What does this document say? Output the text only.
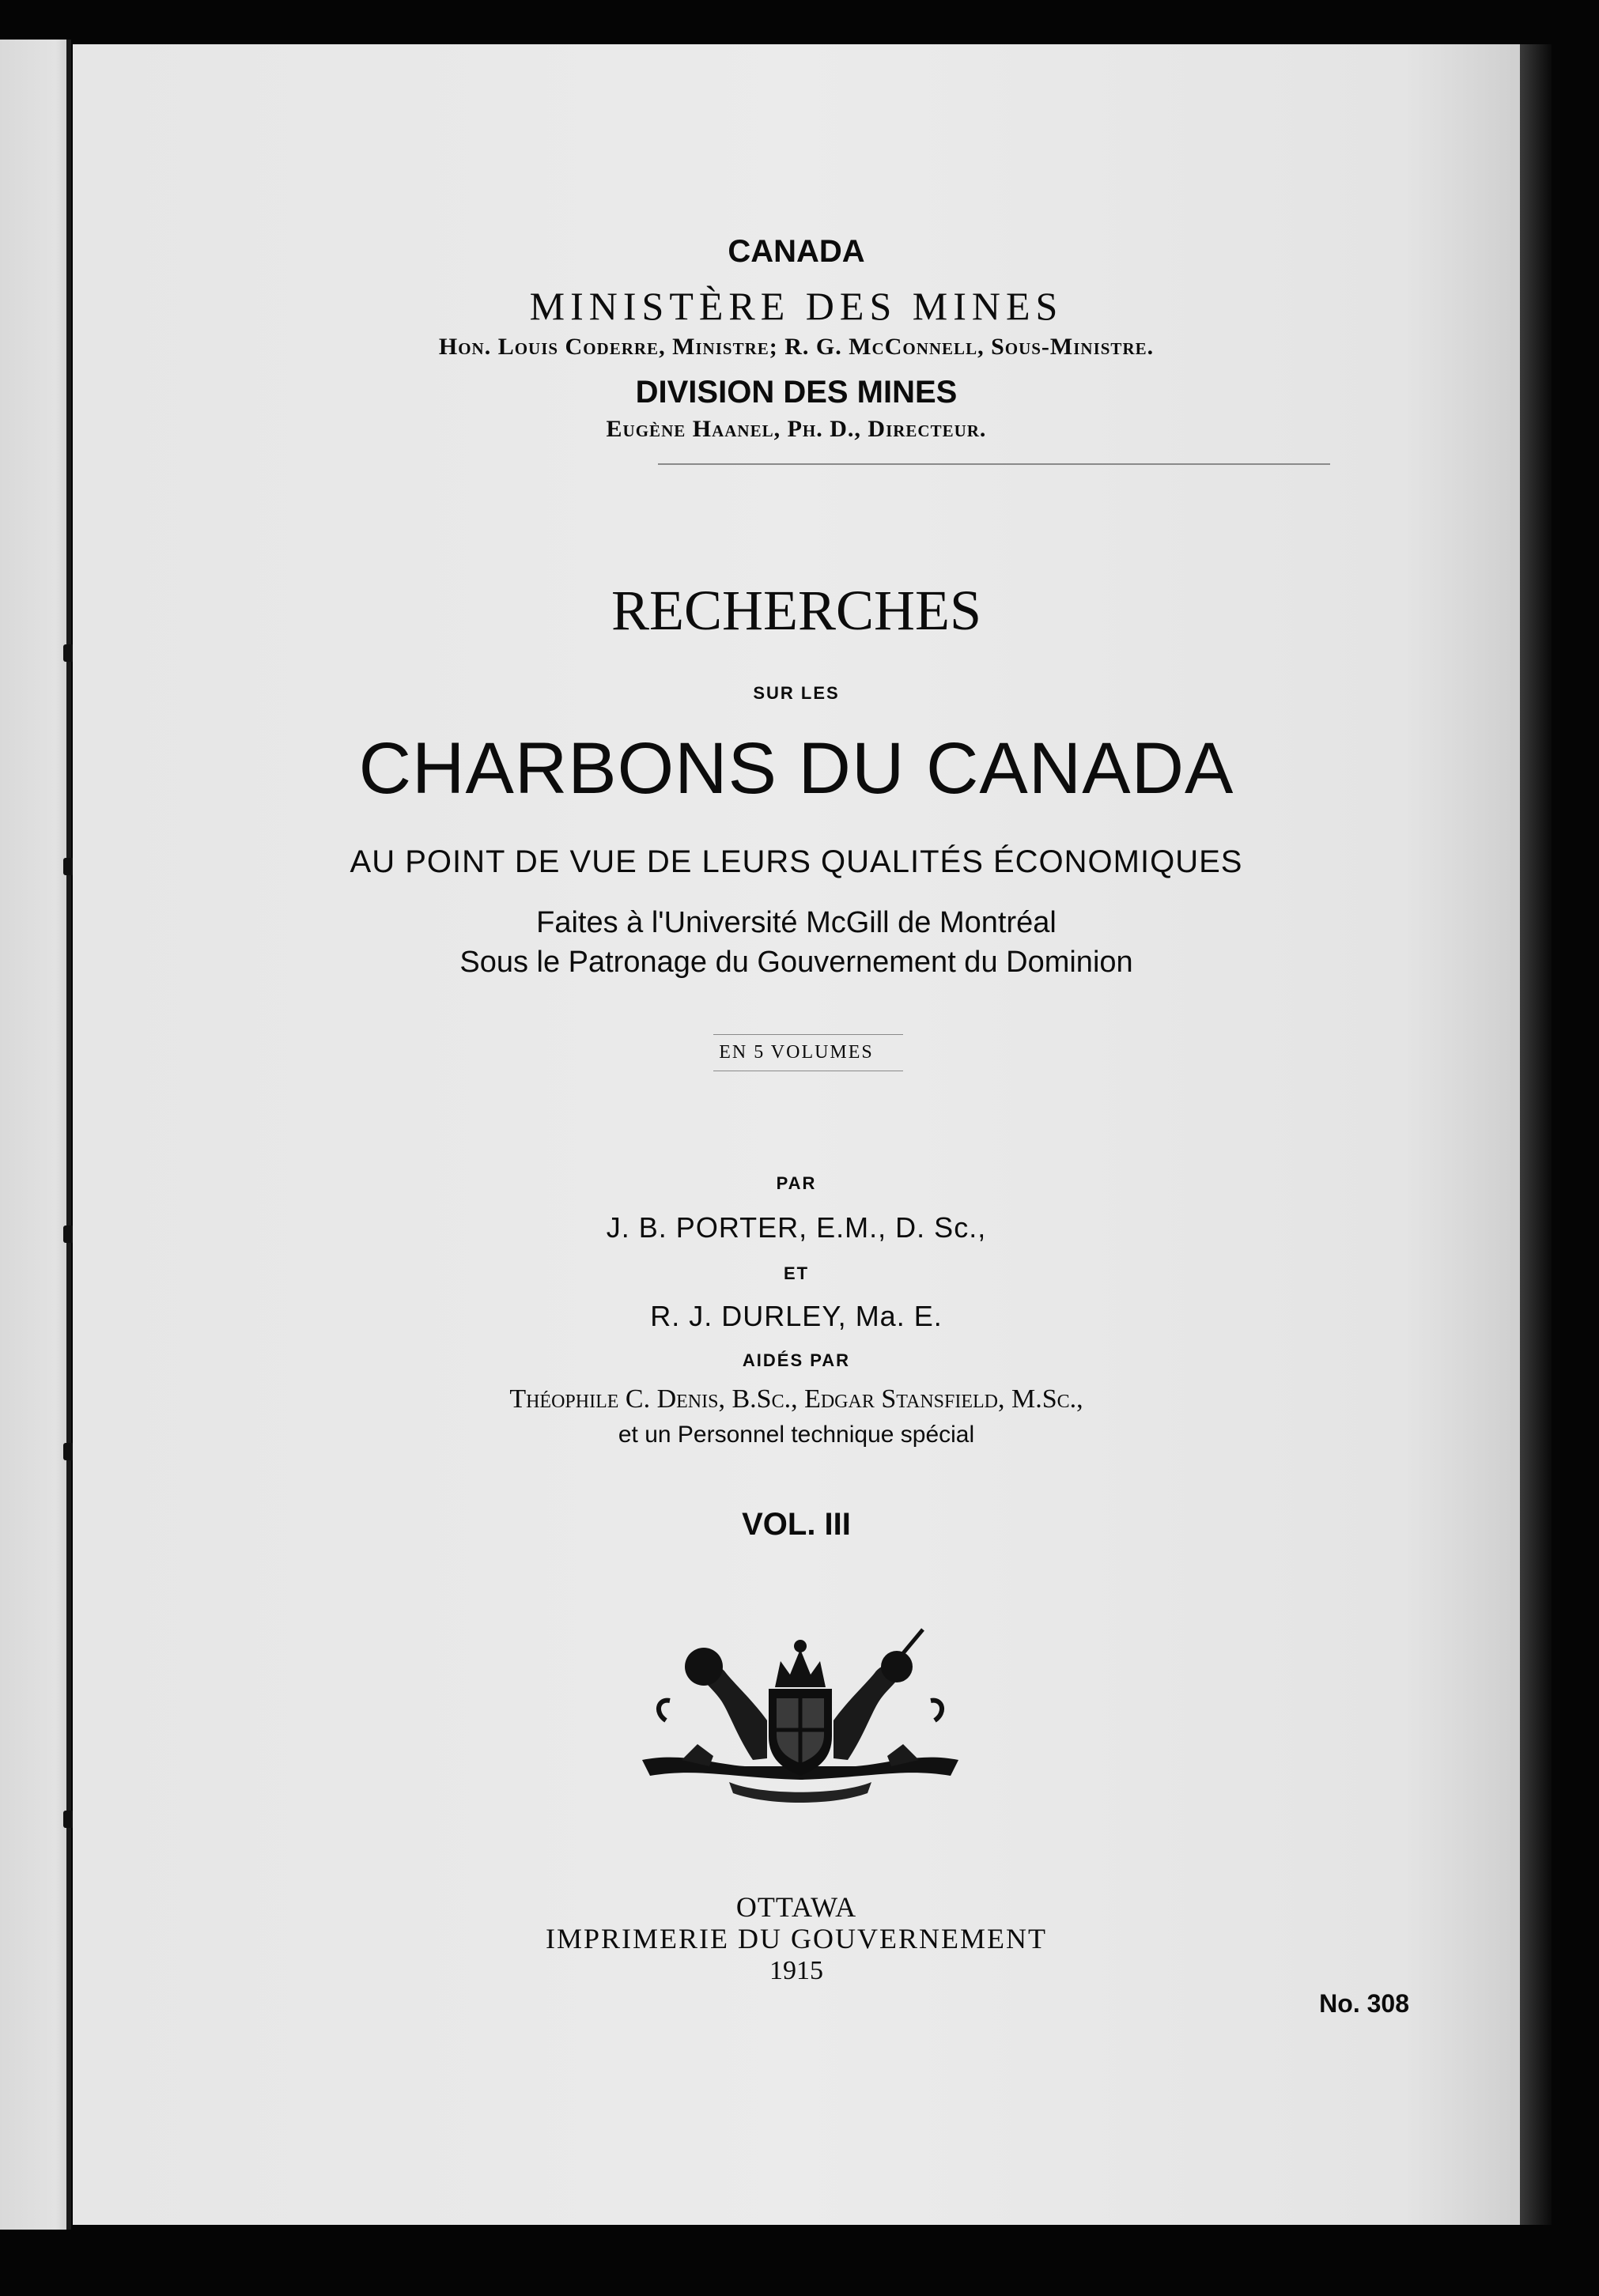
CANADA
MINISTÈRE DES MINES
Hon. Louis Coderre, Ministre; R. G. McConnell, Sous-Ministre.
DIVISION DES MINES
Eugène Haanel, Ph. D., Directeur.
RECHERCHES
SUR LES
CHARBONS DU CANADA
AU POINT DE VUE DE LEURS QUALITÉS ÉCONOMIQUES
Faites à l'Université McGill de Montréal
Sous le Patronage du Gouvernement du Dominion
EN 5 VOLUMES
PAR
J. B. PORTER, E.M., D. Sc.,
ET
R. J. DURLEY, Ma. E.
AIDÉS PAR
Théophile C. Denis, B.Sc., Edgar Stansfield, M.Sc.,
et un Personnel technique spécial
VOL. III
OTTAWA
IMPRIMERIE DU GOUVERNEMENT
1915
No. 308
